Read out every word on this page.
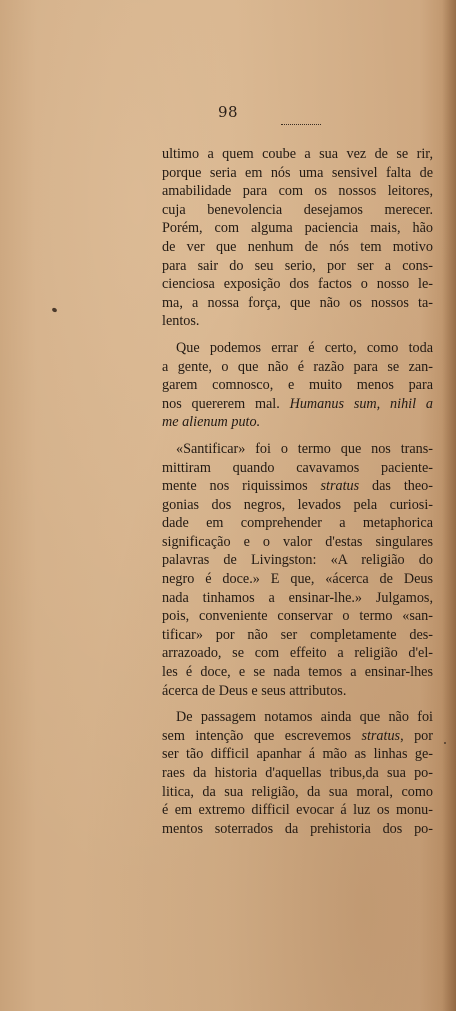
98
ultimo a quem coube a sua vez de se rir,
porque seria em nós uma sensivel falta de
amabilidade para com os nossos leitores,
cuja benevolencia desejamos merecer.
Porém, com alguma paciencia mais, hão
de ver que nenhum de nós tem motivo
para sair do seu serio, por ser a cons-
cienciosa exposição dos factos o nosso le-
ma, a nossa força, que não os nossos ta-
lentos.
Que podemos errar é certo, como toda
a gente, o que não é razão para se zan-
garem comnosco, e muito menos para
nos quererem mal. Humanus sum, nihil a
me alienum puto.
«Santificar» foi o termo que nos trans-
mittiram quando cavavamos paciente-
mente nos riquissimos stratus das theo-
gonias dos negros, levados pela curiosi-
dade em comprehender a metaphorica
significação e o valor d'estas singulares
palavras de Livingston: «A religião do
negro é doce.» E que, «ácerca de Deus
nada tinhamos a ensinar-lhe.» Julgamos,
pois, conveniente conservar o termo «san-
tificar» por não ser completamente des-
arrazoado, se com effeito a religião d'el-
les é doce, e se nada temos a ensinar-lhes
ácerca de Deus e seus attributos.
De passagem notamos ainda que não foi
sem intenção que escrevemos stratus, por
ser tão difficil apanhar á mão as linhas ge-
raes da historia d'aquellas tribus,da sua po-
litica, da sua religião, da sua moral, como
é em extremo difficil evocar á luz os monu-
mentos soterrados da prehistoria dos po-
